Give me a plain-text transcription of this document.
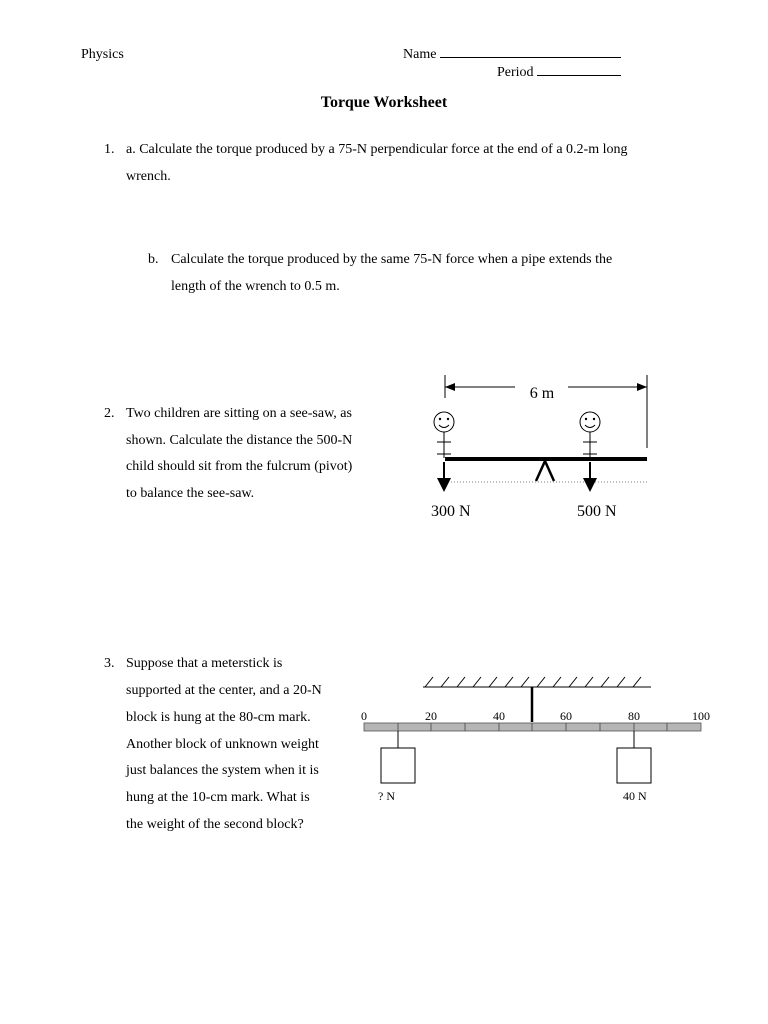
Physics	Name
Period
Torque Worksheet
1. a. Calculate the torque produced by a 75-N perpendicular force at the end of a 0.2-m long
wrench.
b. Calculate the torque produced by the same 75-N force when a pipe extends the
length of the wrench to 0.5 m.
2. Two children are sitting on a see-saw, as
shown. Calculate the distance the 500-N
child should sit from the fulcrum (pivot)
to balance the see-saw.
6 m
300 N	500 N
3. Suppose that a meterstick is
supported at the center, and a 20-N
block is hung at the 80-cm mark.
Another block of unknown weight
just balances the system when it is
hung at the 10-cm mark. What is
the weight of the second block?
0	20	40	60	80	100
? N	40 N
